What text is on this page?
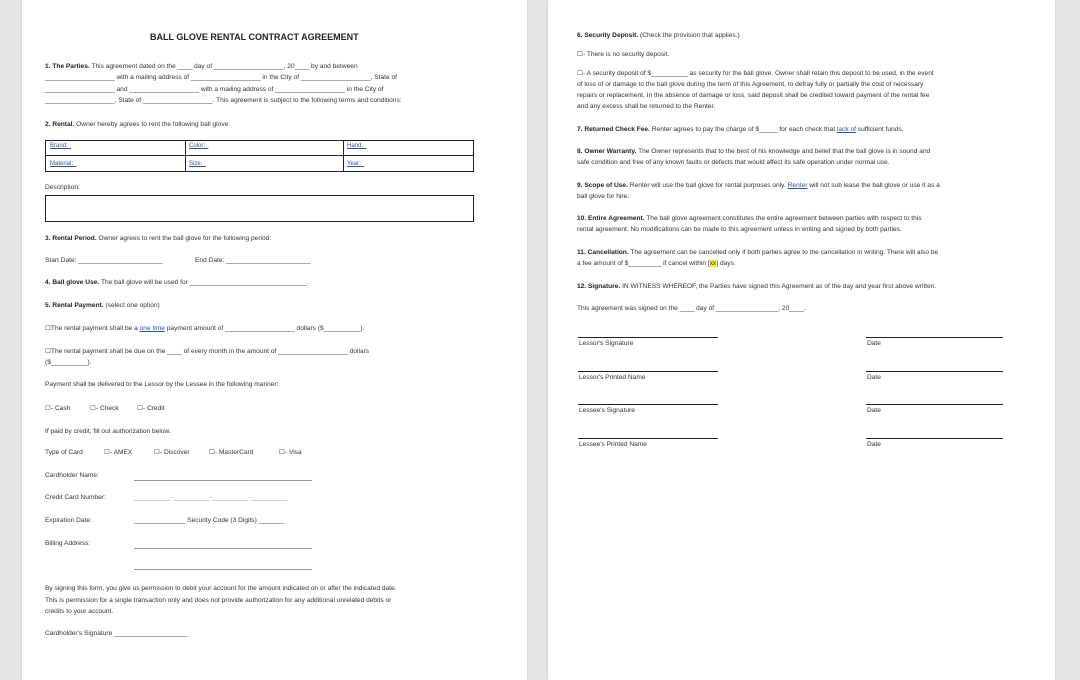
BALL GLOVE RENTAL CONTRACT AGREEMENT
1. The Parties. This agreement dated on the ____ day of ___________________, 20____ by and between
___________________ with a mailing address of ___________________ in the City of ___________________, State of
___________________ and ___________________ with a mailing address of ___________________ in the City of
___________________, State of ___________________. This agreement is subject to the following terms and conditions:
2. Rental. Owner hereby agrees to rent the following ball glove:
Brand:_	Color:_	Hand:_
Material:_	Size:_	Year:_
Description:
3. Rental Period. Owner agrees to rent the ball glove for the following period:
Start Date: _______________________	End Date: _______________________
4. Ball glove Use. The ball glove will be used for ________________________________.
5. Rental Payment. (select one option)
☐The rental payment shall be a one time payment amount of ___________________ dollars ($__________).
☐The rental payment shall be due on the ____ of every month in the amount of ___________________ dollars
($__________).
Payment shall be delivered to the Lessor by the Lessee in the following manner:
☐- Cash	☐- Check	☐- Credit
If paid by credit, fill out authorization below.
Type of Card	☐- AMEX	☐- Discover	☐- MasterCard	☐- Visa
Cardholder Name:
Credit Card Number:	__________-__________-__________-__________
Expiration Date:	______________ Security Code (3 Digits) _______
Billing Address:
By signing this form, you give us permission to debit your account for the amount indicated on or after the indicated date.
This is permission for a single transaction only and does not provide authorization for any additional unrelated debits or
credits to your account.
Cardholder's Signature ____________________
6. Security Deposit. (Check the provision that applies.)
☐- There is no security deposit.
☐- A security deposit of $__________ as security for the ball glove. Owner shall retain this deposit to be used, in the event
of loss of or damage to the ball glove during the term of this Agreement, to defray fully or partially the cost of necessary
repairs or replacement. In the absence of damage or loss, said deposit shall be credited toward payment of the rental fee
and any excess shall be returned to the Renter.
7. Returned Check Fee. Renter agrees to pay the charge of $_____ for each check that lack of sufficient funds.
8. Owner Warranty. The Owner represents that to the best of his knowledge and belief that the ball glove is in sound and
safe condition and free of any known faults or defects that would affect its safe operation under normal use.
9. Scope of Use. Renter will use the ball glove for rental purposes only. Renter will not sub lease the ball glove or use it as a
ball glove for hire.
10. Entire Agreement. The ball glove agreement constitutes the entire agreement between parties with respect to this
rental agreement. No modifications can be made to this agreement unless in writing and signed by both parties.
11. Cancellation. The agreement can be cancelled only if both parties agree to the cancellation in writing. There will also be
a fee amount of $_________ if cancel within [xx] days.
12. Signature. IN WITNESS WHEREOF, the Parties have signed this Agreement as of the day and year first above written.
This agreement was signed on the ____ day of _________________, 20____.
Lessor's Signature	Date
Lessor's Printed Name	Date
Lessee's Signature	Date
Lessee's Printed Name	Date
